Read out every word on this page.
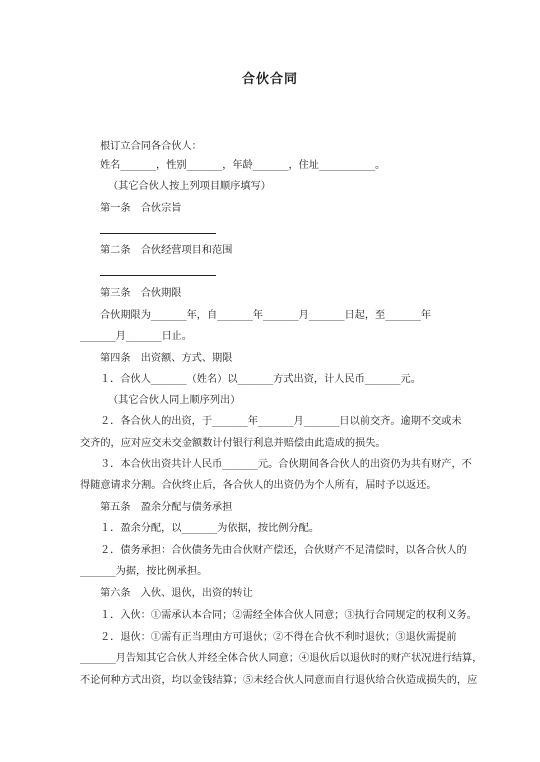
合伙合同
根订立合同各合伙人：
姓名_______，性别_______，年龄_______，住址___________。
（其它合伙人按上列项目顺序填写）
第一条　合伙宗旨
第二条　合伙经营项目和范围
第三条　合伙期限
合伙期限为_______年，自_______年_______月_______日起，至_______年
_______月_______日止。
第四条　出资额、方式、期限
１．合伙人_______（姓名）以_______方式出资，计人民币_______元。
（其它合伙人同上顺序列出）
２．各合伙人的出资，于_______年_______月_______日以前交齐。逾期不交或未
交齐的，应对应交未交金额数计付银行利息并赔偿由此造成的损失。
３．本合伙出资共计人民币_______元。合伙期间各合伙人的出资仍为共有财产，不
得随意请求分割。合伙终止后，各合伙人的出资仍为个人所有，届时予以返还。
第五条　盈余分配与债务承担
１．盈余分配，以_______为依据，按比例分配。
２．债务承担：合伙债务先由合伙财产偿还，合伙财产不足清偿时，以各合伙人的
_______为据，按比例承担。
第六条　入伙、退伙，出资的转让
１．入伙：①需承认本合同；②需经全体合伙人同意；③执行合同规定的权利义务。
２．退伙：①需有正当理由方可退伙；②不得在合伙不利时退伙；③退伙需提前
_______月告知其它合伙人并经全体合伙人同意；④退伙后以退伙时的财产状况进行结算，
不论何种方式出资，均以金钱结算；⑤未经合伙人同意而自行退伙给合伙造成损失的，应
